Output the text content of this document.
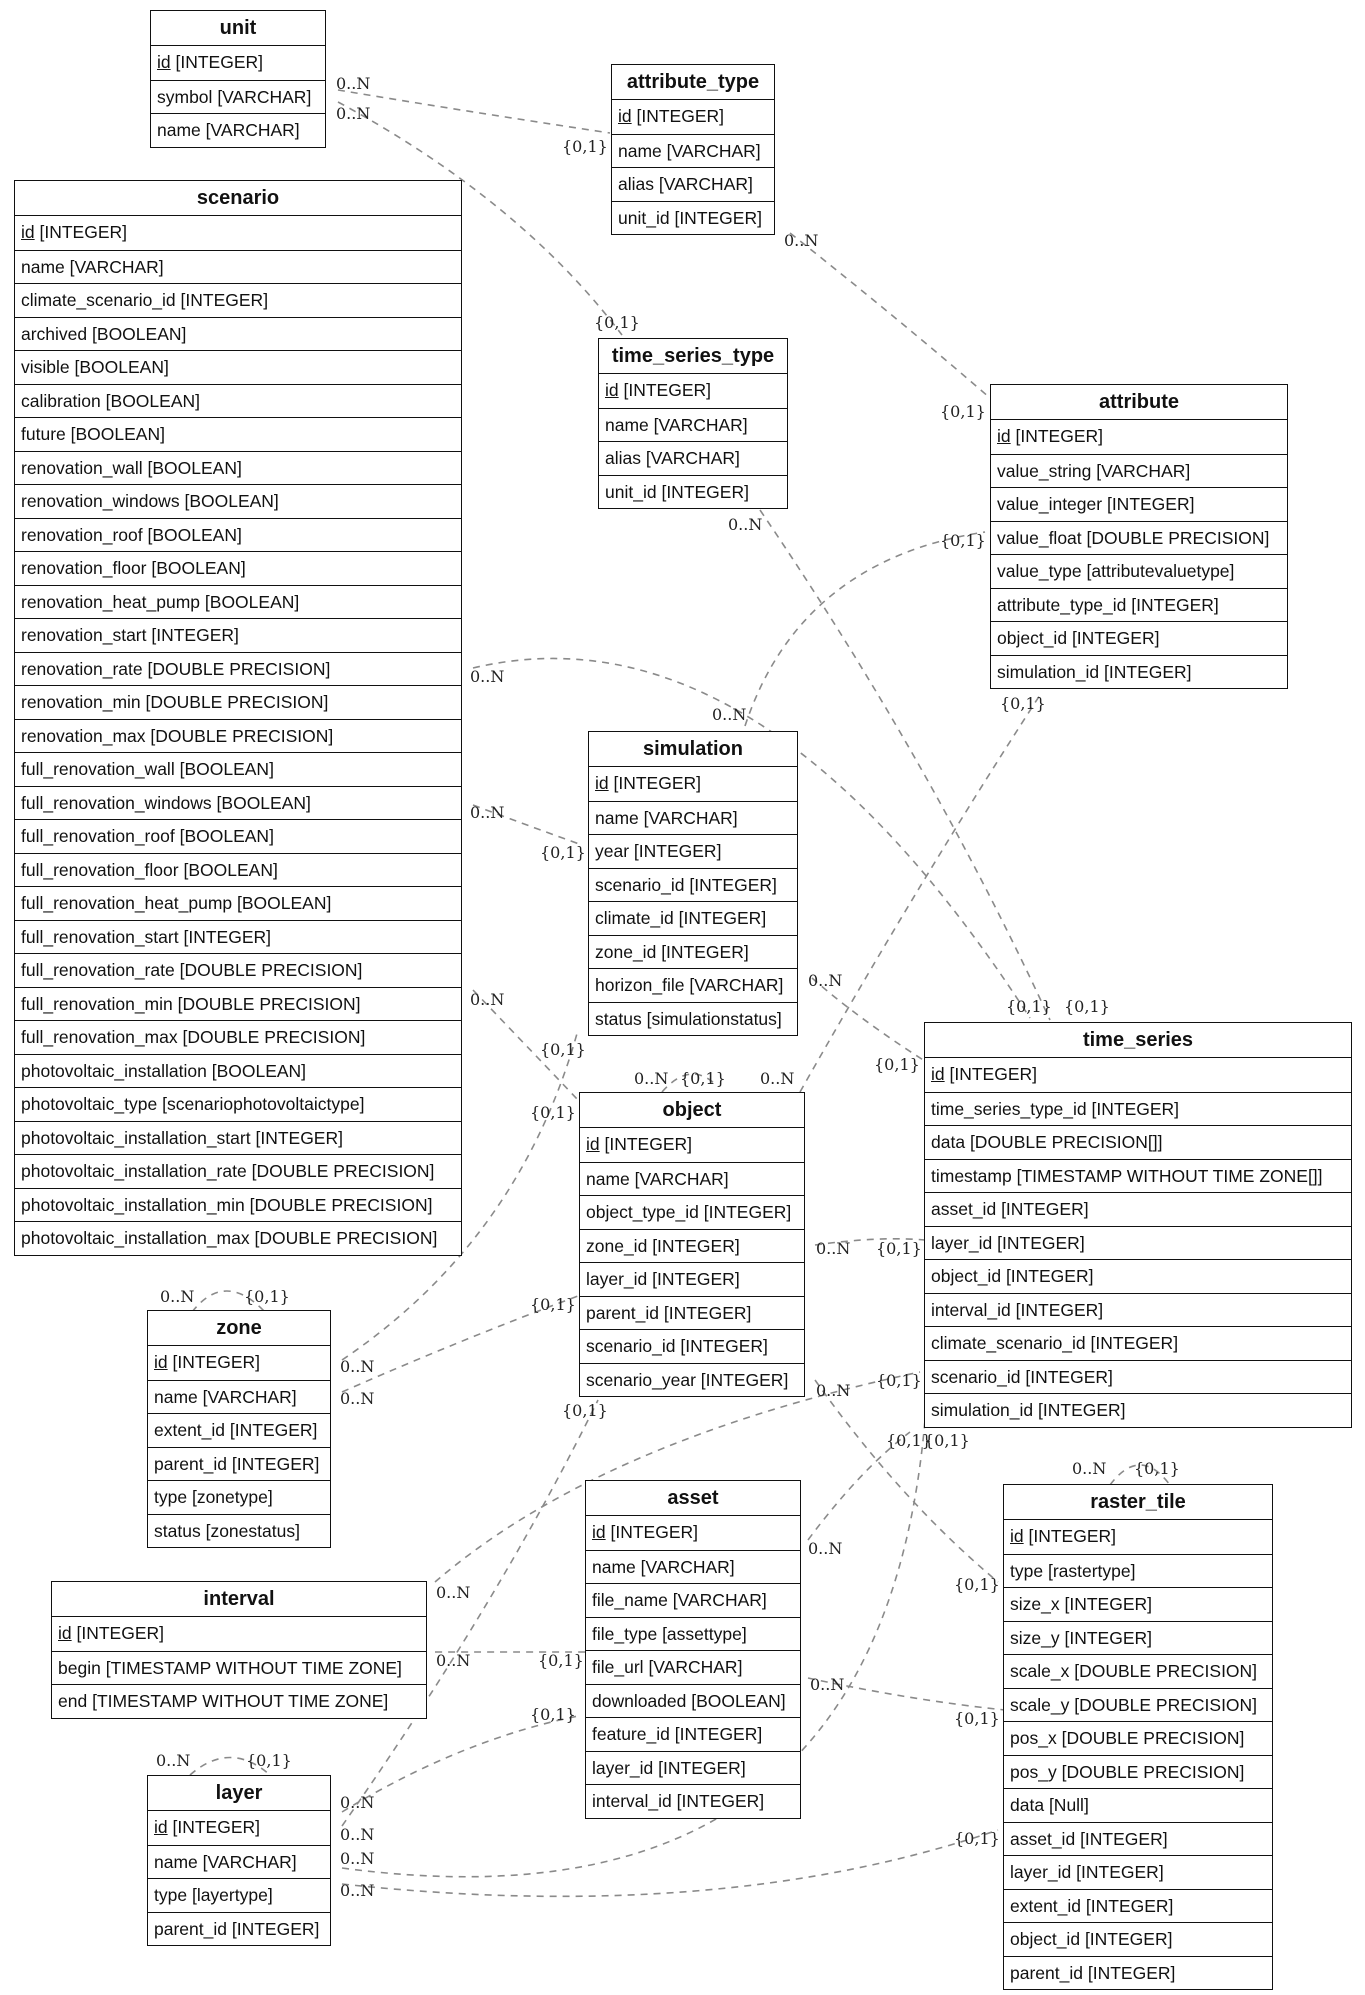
0..N
0..N
{0,1}
{0,1}
0..N
{0,1}
0..N
{0,1}
0..N
{0,1}
0..N
0..N
{0,1}
0..N
0..N	{0,1} {0,1}
{0,1}
{0,1}
{0,1}
0..N {0,1} 0..N
0..N {0,1}
0..N	{0,1}	{0,1}
0..N
0..N
{0,1}
0..N
{0,1}
{0,1}
{0,1}
0..N {0,1}
0..N
{0,1}
0..N
0..N	{0,1}
0..N
{0,1}
{0,1}
0..N	{0,1}
0..N
0..N
0..N
0..N
{0,1}
unit
id [INTEGER]
symbol [VARCHAR]
name [VARCHAR]
attribute_type
id [INTEGER]
name [VARCHAR]
alias [VARCHAR]
unit_id [INTEGER]
scenario
id [INTEGER]
name [VARCHAR]
climate_scenario_id [INTEGER]
archived [BOOLEAN]
visible [BOOLEAN]
calibration [BOOLEAN]
future [BOOLEAN]
renovation_wall [BOOLEAN]
renovation_windows [BOOLEAN]
renovation_roof [BOOLEAN]
renovation_floor [BOOLEAN]
renovation_heat_pump [BOOLEAN]
renovation_start [INTEGER]
renovation_rate [DOUBLE PRECISION]
renovation_min [DOUBLE PRECISION]
renovation_max [DOUBLE PRECISION]
full_renovation_wall [BOOLEAN]
full_renovation_windows [BOOLEAN]
full_renovation_roof [BOOLEAN]
full_renovation_floor [BOOLEAN]
full_renovation_heat_pump [BOOLEAN]
full_renovation_start [INTEGER]
full_renovation_rate [DOUBLE PRECISION]
full_renovation_min [DOUBLE PRECISION]
full_renovation_max [DOUBLE PRECISION]
photovoltaic_installation [BOOLEAN]
photovoltaic_type [scenariophotovoltaictype]
photovoltaic_installation_start [INTEGER]
photovoltaic_installation_rate [DOUBLE PRECISION]
photovoltaic_installation_min [DOUBLE PRECISION]
photovoltaic_installation_max [DOUBLE PRECISION]
time_series_type
id [INTEGER]
name [VARCHAR]
alias [VARCHAR]
unit_id [INTEGER]
attribute
id [INTEGER]
value_string [VARCHAR]
value_integer [INTEGER]
value_float [DOUBLE PRECISION]
value_type [attributevaluetype]
attribute_type_id [INTEGER]
object_id [INTEGER]
simulation_id [INTEGER]
simulation
id [INTEGER]
name [VARCHAR]
year [INTEGER]
scenario_id [INTEGER]
climate_id [INTEGER]
zone_id [INTEGER]
horizon_file [VARCHAR]
status [simulationstatus]
time_series
id [INTEGER]
time_series_type_id [INTEGER]
data [DOUBLE PRECISION[]]
timestamp [TIMESTAMP WITHOUT TIME ZONE[]]
asset_id [INTEGER]
layer_id [INTEGER]
object_id [INTEGER]
interval_id [INTEGER]
climate_scenario_id [INTEGER]
scenario_id [INTEGER]
simulation_id [INTEGER]
object
id [INTEGER]
name [VARCHAR]
object_type_id [INTEGER]
zone_id [INTEGER]
layer_id [INTEGER]
parent_id [INTEGER]
scenario_id [INTEGER]
scenario_year [INTEGER]
zone
id [INTEGER]
name [VARCHAR]
extent_id [INTEGER]
parent_id [INTEGER]
type [zonetype]
status [zonestatus]
asset
id [INTEGER]
name [VARCHAR]
file_name [VARCHAR]
file_type [assettype]
file_url [VARCHAR]
downloaded [BOOLEAN]
feature_id [INTEGER]
layer_id [INTEGER]
interval_id [INTEGER]
raster_tile
id [INTEGER]
type [rastertype]
size_x [INTEGER]
size_y [INTEGER]
scale_x [DOUBLE PRECISION]
scale_y [DOUBLE PRECISION]
pos_x [DOUBLE PRECISION]
pos_y [DOUBLE PRECISION]
data [Null]
asset_id [INTEGER]
layer_id [INTEGER]
extent_id [INTEGER]
object_id [INTEGER]
parent_id [INTEGER]
interval
id [INTEGER]
begin [TIMESTAMP WITHOUT TIME ZONE]
end [TIMESTAMP WITHOUT TIME ZONE]
layer
id [INTEGER]
name [VARCHAR]
type [layertype]
parent_id [INTEGER]
